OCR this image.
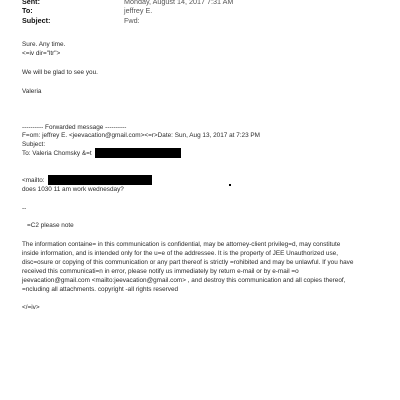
Sent:	Monday, August 14, 2017 7:31 AM
To:	jeffrey E.
Subject:	Fwd:
Sure. Any time.
<=iv dir="ltr">
We will be glad to see you.
Valeria
---------- Forwarded message ----------
F=om: jeffrey E. <jeevacation@gmail.com><=r>Date: Sun, Aug 13, 2017 at 7:23 PM
Subject:
To: Valeria Chomsky &=t
<mailto:
does 1030 11 am work wednesday?
--
=C2 please note
The information containe= in this communication is confidential, may be attorney-client privileg=d, may constitute
inside information, and is intended only for the u=e of the addressee. It is the property of JEE Unauthorized use,
disc=osure or copying of this communication or any part thereof is strictly =rohibited and may be unlawful. If you have
received this communicati=n in error, please notify us immediately by return e-mail or by e-mail =o
jeevacation@gmail.com <mailto:jeevacation@gmail.com> , and destroy this communication and all copies thereof,
=ncluding all attachments. copyright -all rights reserved
</=iv>
